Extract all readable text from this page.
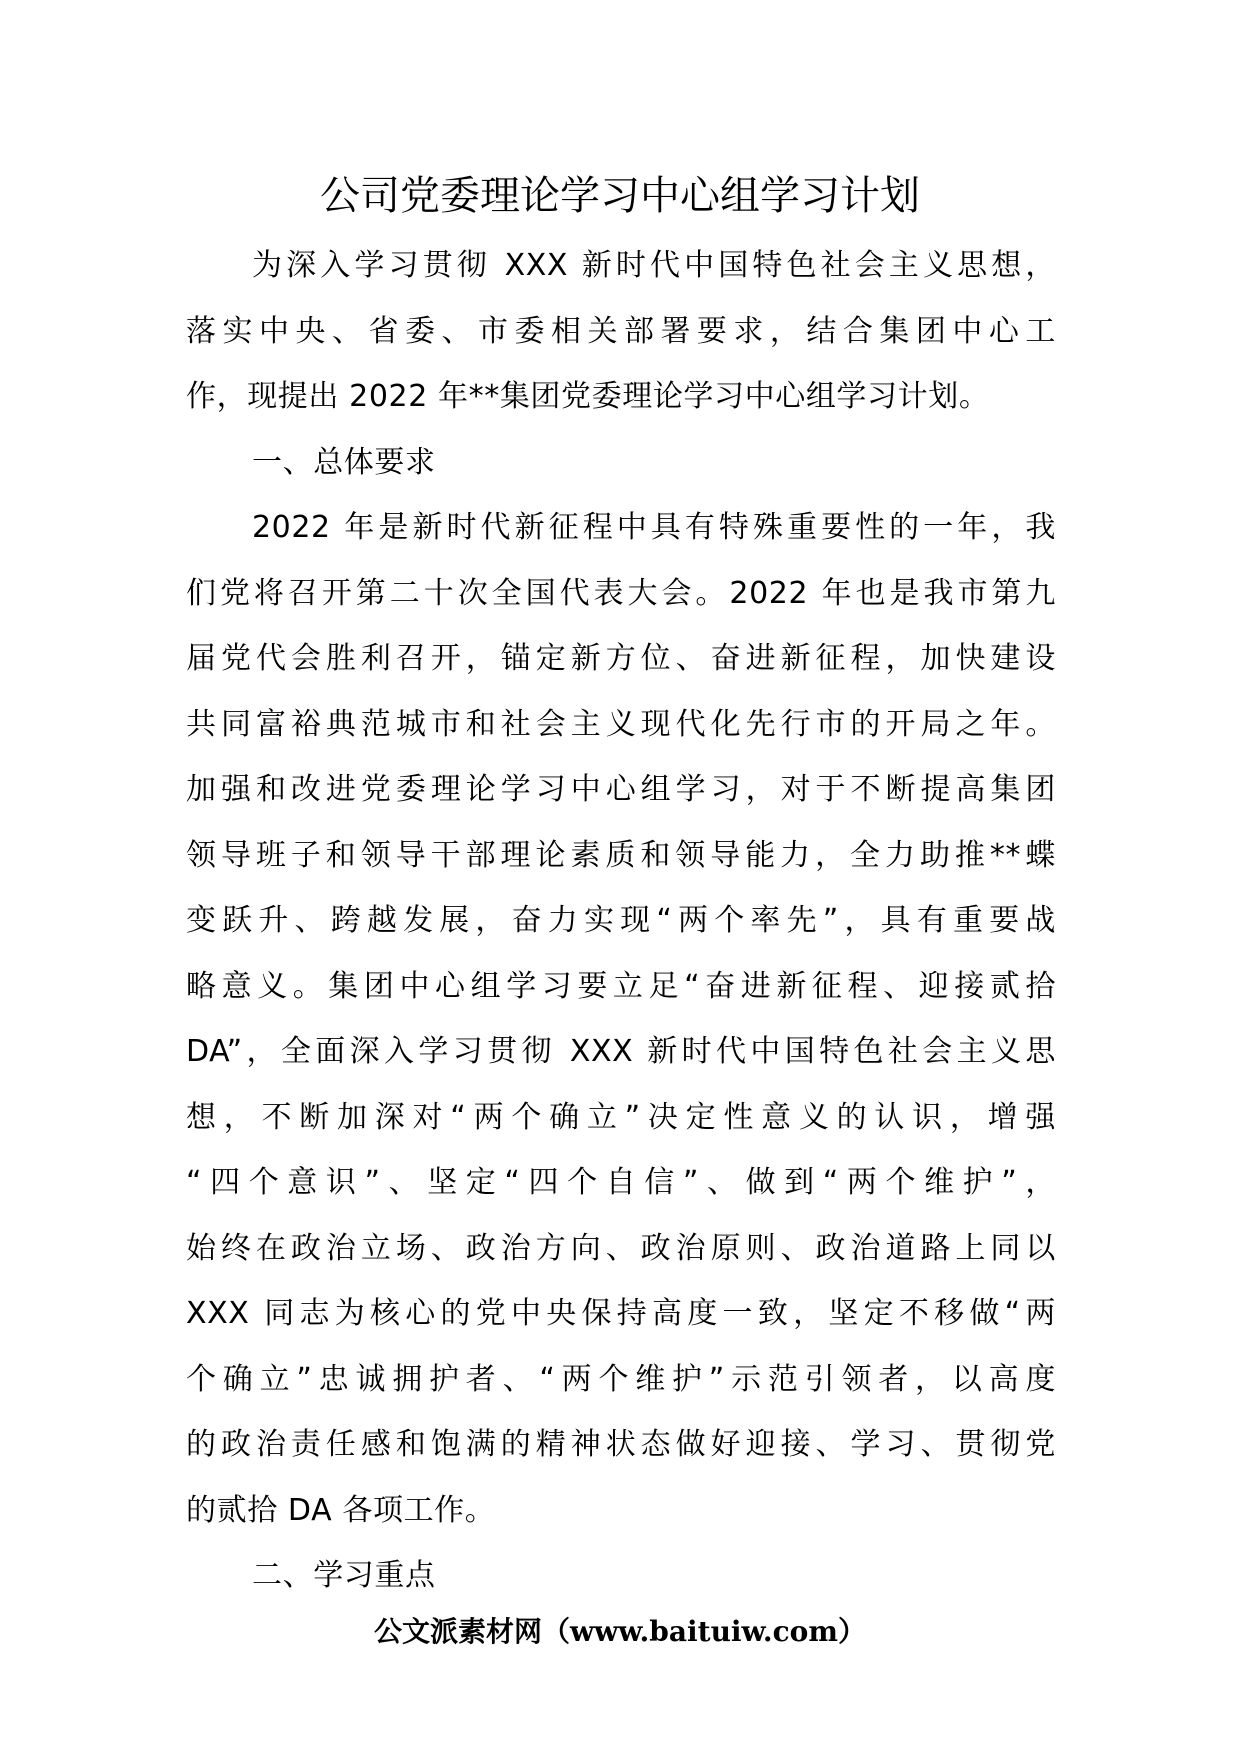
公司党委理论学习中心组学习计划
为深入学习贯彻 XXX 新时代中国特色社会主义思想，
落实中央、省委、市委相关部署要求，结合集团中心工
作，现提出 2022 年**集团党委理论学习中心组学习计划。
一、总体要求
2022 年是新时代新征程中具有特殊重要性的一年，我
们党将召开第二十次全国代表大会。2022 年也是我市第九
届党代会胜利召开，锚定新方位、奋进新征程，加快建设
共同富裕典范城市和社会主义现代化先行市的开局之年。
加强和改进党委理论学习中心组学习，对于不断提高集团
领导班子和领导干部理论素质和领导能力，全力助推**蝶
变跃升、跨越发展，奋力实现“两个率先”，具有重要战
略意义。集团中心组学习要立足“奋进新征程、迎接贰拾
DA”，全面深入学习贯彻 XXX 新时代中国特色社会主义思
想，不断加深对“两个确立”决定性意义的认识，增强
“四个意识”、坚定“四个自信”、做到“两个维护”，
始终在政治立场、政治方向、政治原则、政治道路上同以
XXX 同志为核心的党中央保持高度一致，坚定不移做“两
个确立”忠诚拥护者、“两个维护”示范引领者，以高度
的政治责任感和饱满的精神状态做好迎接、学习、贯彻党
的贰拾 DA 各项工作。
二、学习重点
公文派素材网（www.baituiw.com）
